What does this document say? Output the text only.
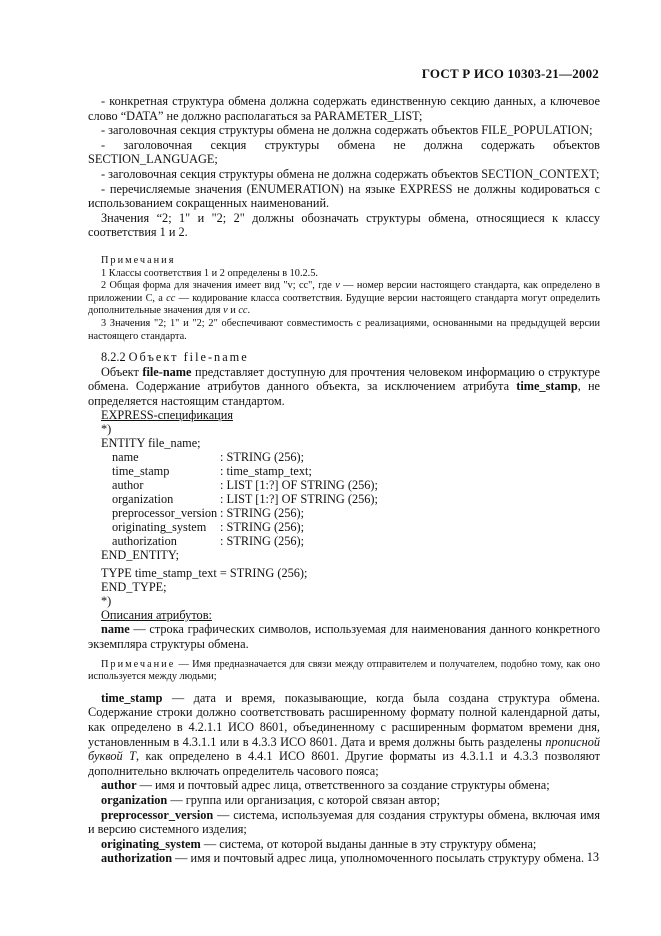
ГОСТ Р ИСО 10303-21—2002

- конкретная структура обмена должна содержать единственную секцию данных, а ключевое слово “DATA” не должно располагаться за PARAMETER_LIST;

- заголовочная секция структуры обмена не должна содержать объектов FILE_POPULATION;

- заголовочная секция структуры обмена не должна содержать объектов SECTION_LANGUAGE;

- заголовочная секция структуры обмена не должна содержать объектов SECTION_CONTEXT;

- перечисляемые значения (ENUMERATION) на языке EXPRESS не должны кодироваться с использованием сокращенных наименований.

Значения “2; 1" и "2; 2" должны обозначать структуры обмена, относящиеся к классу соответствия 1 и 2.

Примечания

1 Классы соответствия 1 и 2 определены в 10.2.5.

2 Общая форма для значения имеет вид "v; cc", где v — номер версии настоящего стандарта, как определено в приложении С, а cc — кодирование класса соответствия. Будущие версии настоящего стандарта могут определить дополнительные значения для v и cc.

3 Значения "2; 1" и "2; 2" обеспечивают совместимость с реализациями, основанными на предыдущей версии настоящего стандарта.

8.2.2 Объект file-name

Объект file-name представляет доступную для прочтения человеком информацию о структуре обмена. Содержание атрибутов данного объекта, за исключением атрибута time_stamp, не определяется настоящим стандартом.

EXPRESS-спецификация
*)
ENTITY file_name;
name	: STRING (256);
time_stamp	: time_stamp_text;
author	: LIST [1:?] OF STRING (256);
organization	: LIST [1:?] OF STRING (256);
preprocessor_version : STRING (256);
originating_system : STRING (256);
authorization	: STRING (256);
END_ENTITY;
TYPE time_stamp_text = STRING (256);
END_TYPE;
*)
Описания атрибутов:

name — строка графических символов, используемая для наименования данного конкретного экземпляра структуры обмена.

Примечание — Имя предназначается для связи между отправителем и получателем, подобно тому, как оно используется между людьми;

time_stamp — дата и время, показывающие, когда была создана структура обмена. Содержание строки должно соответствовать расширенному формату полной календарной даты, как определено в 4.2.1.1 ИСО 8601, объединенному с расширенным форматом времени дня, установленным в 4.3.1.1 или в 4.3.3 ИСО 8601. Дата и время должны быть разделены прописной буквой Т, как определено в 4.4.1 ИСО 8601. Другие форматы из 4.3.1.1 и 4.3.3 позволяют дополнительно включать определитель часового пояса;

author — имя и почтовый адрес лица, ответственного за создание структуры обмена;

organization — группа или организация, с которой связан автор;

preprocessor_version — система, используемая для создания структуры обмена, включая имя и версию системного изделия;

originating_system — система, от которой выданы данные в эту структуру обмена;

authorization — имя и почтовый адрес лица, уполномоченного посылать структуру обмена. 13
